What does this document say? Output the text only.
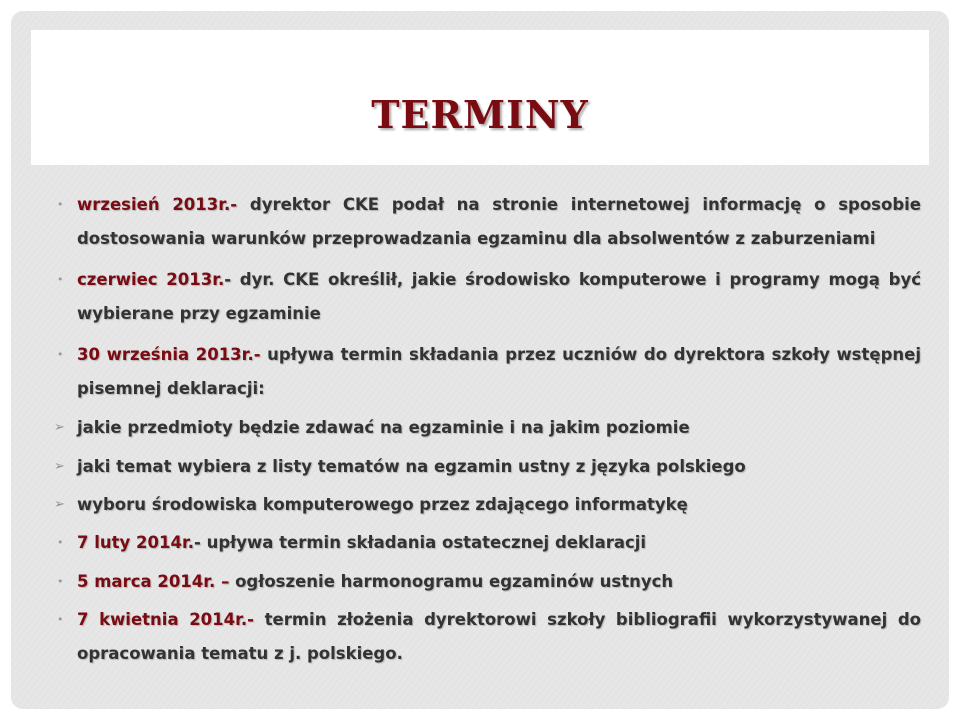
TERMINY
• wrzesień 2013r.- dyrektor CKE podał na stronie internetowej informację o sposobie dostosowania warunków przeprowadzania egzaminu dla absolwentów z zaburzeniami
• czerwiec 2013r.- dyr. CKE określił, jakie środowisko komputerowe i programy mogą być wybierane przy egzaminie
• 30 września 2013r.- upływa termin składania przez uczniów do dyrektora szkoły wstępnej pisemnej deklaracji:
➢ jakie przedmioty będzie zdawać na egzaminie i na jakim poziomie
➢ jaki temat wybiera z listy tematów na egzamin ustny z języka polskiego
➢ wyboru środowiska komputerowego przez zdającego informatykę
• 7 luty 2014r.- upływa termin składania ostatecznej deklaracji
• 5 marca 2014r. – ogłoszenie harmonogramu egzaminów ustnych
• 7 kwietnia 2014r.- termin złożenia dyrektorowi szkoły bibliografii wykorzystywanej do opracowania tematu z j. polskiego.
